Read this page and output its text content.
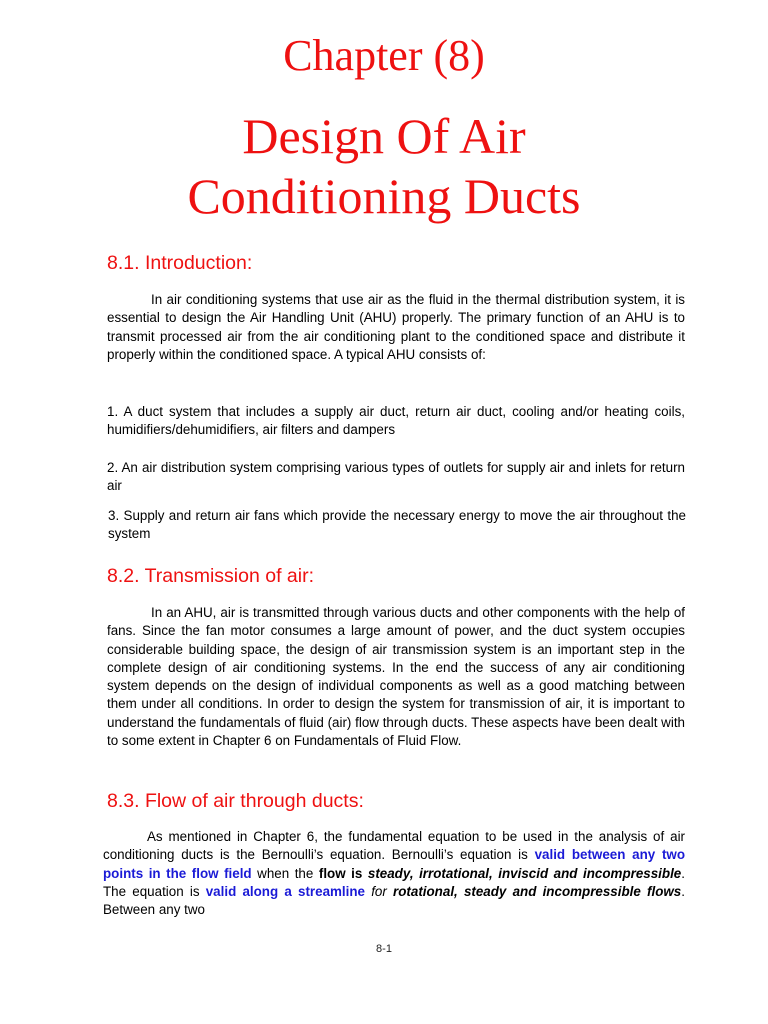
Chapter (8)
Design Of Air
Conditioning Ducts
8.1. Introduction:

In air conditioning systems that use air as the fluid in the thermal distribution system, it is essential to design the Air Handling Unit (AHU) properly. The primary function of an AHU is to transmit processed air from the air conditioning plant to the conditioned space and distribute it properly within the conditioned space. A typical AHU consists of:

1. A duct system that includes a supply air duct, return air duct, cooling and/or heating coils, humidifiers/dehumidifiers, air filters and dampers

2. An air distribution system comprising various types of outlets for supply air and inlets for return air

3. Supply and return air fans which provide the necessary energy to move the air throughout the system

8.2. Transmission of air:

In an AHU, air is transmitted through various ducts and other components with the help of fans. Since the fan motor consumes a large amount of power, and the duct system occupies considerable building space, the design of air transmission system is an important step in the complete design of air conditioning systems. In the end the success of any air conditioning system depends on the design of individual components as well as a good matching between them under all conditions. In order to design the system for transmission of air, it is important to understand the fundamentals of fluid (air) flow through ducts. These aspects have been dealt with to some extent in Chapter 6 on Fundamentals of Fluid Flow.

8.3. Flow of air through ducts:

As mentioned in Chapter 6, the fundamental equation to be used in the analysis of air conditioning ducts is the Bernoulli’s equation. Bernoulli’s equation is valid between any two points in the flow field when the flow is steady, irrotational, inviscid and incompressible. The equation is valid along a streamline for rotational, steady and incompressible flows. Between any two

8-1
